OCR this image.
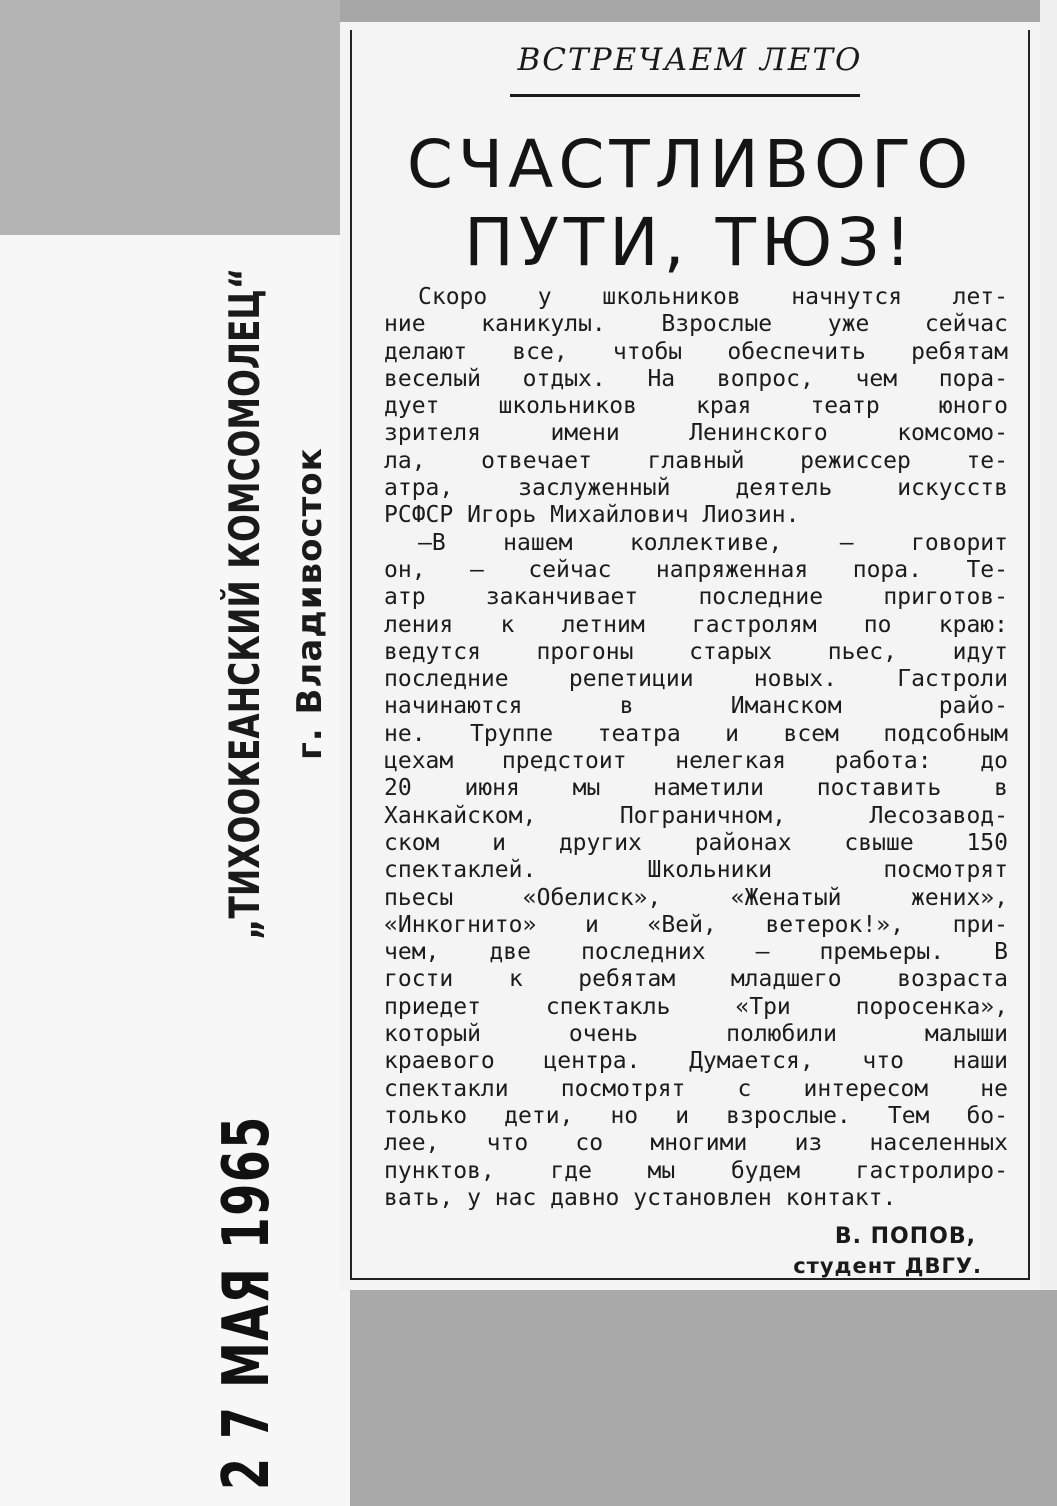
2 7 МАЯ 1965
„ТИХООКЕАНСКИЙ КОМСОМОЛЕЦ“ г. Владивосток
ВСТРЕЧАЕМ ЛЕТО
СЧАСТЛИВОГО
ПУТИ, ТЮЗ!
Скоро у школьников начнутся лет-
ние каникулы. Взрослые уже сейчас
делают все, чтобы обеспечить ребятам
веселый отдых. На вопрос, чем пора-
дует школьников края театр юного
зрителя имени Ленинского комсомо-
ла, отвечает главный режиссер те-
атра, заслуженный деятель искусств
РСФСР Игорь Михайлович Лиозин.
—В нашем коллективе, — говорит
он, — сейчас напряженная пора. Те-
атр заканчивает последние приготов-
ления к летним гастролям по краю:
ведутся прогоны старых пьес, идут
последние репетиции новых. Гастроли
начинаются в Иманском райо-
не. Труппе театра и всем подсобным
цехам предстоит нелегкая работа: до
20 июня мы наметили поставить в
Ханкайском, Пограничном, Лесозавод-
ском и других районах свыше 150
спектаклей. Школьники посмотрят
пьесы «Обелиск», «Женатый жених»,
«Инкогнито» и «Вей, ветерок!», при-
чем, две последних — премьеры. В
гости к ребятам младшего возраста
приедет спектакль «Три поросенка»,
который очень полюбили малыши
краевого центра. Думается, что наши
спектакли посмотрят с интересом не
только дети, но и взрослые. Тем бо-
лее, что со многими из населенных
пунктов, где мы будем гастролиро-
вать, у нас давно установлен контакт.
В. ПОПОВ,
студент ДВГУ.
